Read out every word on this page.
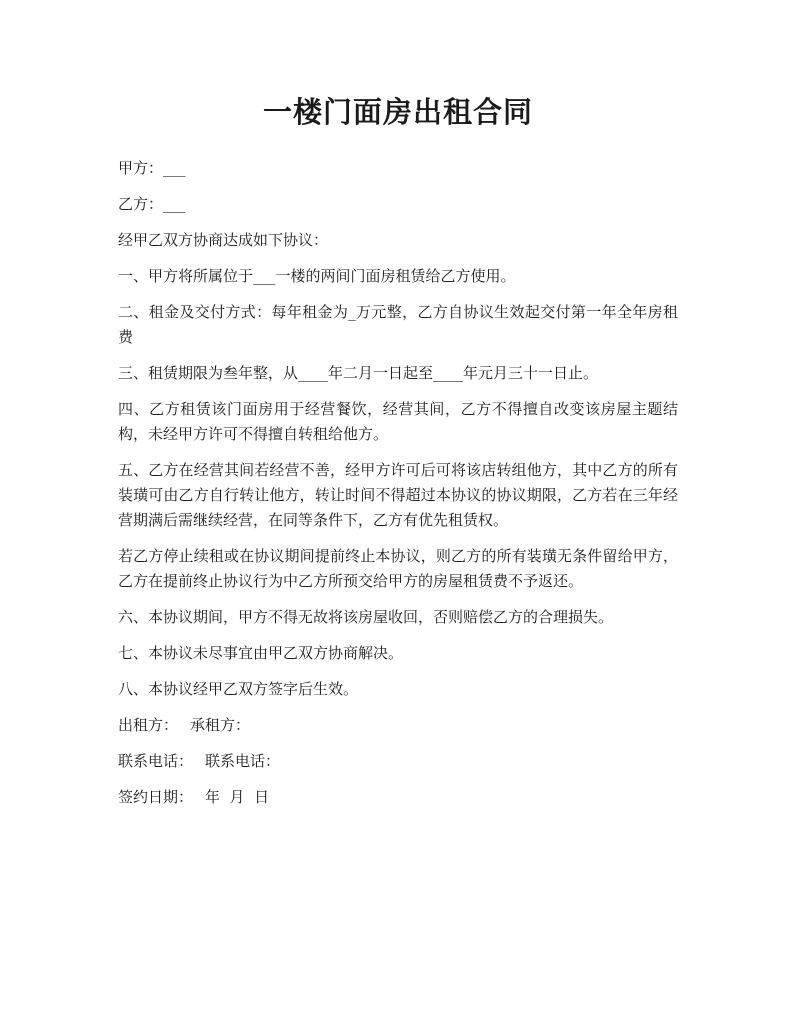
一楼门面房出租合同

甲方：___

乙方：___

经甲乙双方协商达成如下协议：

一、甲方将所属位于___一楼的两间门面房租赁给乙方使用。

二、租金及交付方式：每年租金为_万元整，乙方自协议生效起交付第一年全年房租费

三、租赁期限为叁年整，从____年二月一日起至____年元月三十一日止。

四、乙方租赁该门面房用于经营餐饮，经营其间，乙方不得擅自改变该房屋主题结构，未经甲方许可不得擅自转租给他方。

五、乙方在经营其间若经营不善，经甲方许可后可将该店转组他方，其中乙方的所有装璜可由乙方自行转让他方，转让时间不得超过本协议的协议期限，乙方若在三年经营期满后需继续经营，在同等条件下，乙方有优先租赁权。

若乙方停止续租或在协议期间提前终止本协议，则乙方的所有装璜无条件留给甲方，乙方在提前终止协议行为中乙方所预交给甲方的房屋租赁费不予返还。

六、本协议期间，甲方不得无故将该房屋收回，否则赔偿乙方的合理损失。

七、本协议未尽事宜由甲乙双方协商解决。

八、本协议经甲乙双方签字后生效。

出租方： 承租方：
联系电话： 联系电话：
签约日期： 年  月  日
